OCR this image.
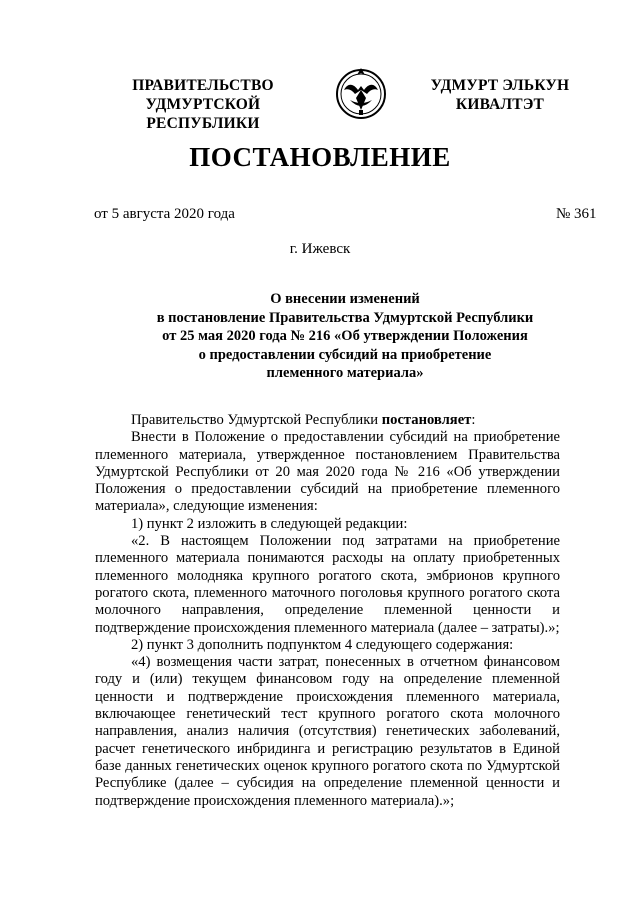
ПРАВИТЕЛЬСТВО
УДМУРТСКОЙ РЕСПУБЛИКИ
УДМУРТ ЭЛЬКУН
КИВАЛТЭТ
ПОСТАНОВЛЕНИЕ
от 5 августа 2020 года	№ 361
г. Ижевск
О внесении изменений
в постановление Правительства Удмуртской Республики
от 25 мая 2020 года № 216 «Об утверждении Положения
о предоставлении субсидий на приобретение
племенного материала»

Правительство Удмуртской Республики постановляет:

Внести в Положение о предоставлении субсидий на приобретение племенного материала, утвержденное постановлением Правительства Удмуртской Республики от 20 мая 2020 года № 216 «Об утверждении Положения о предоставлении субсидий на приобретение племенного материала», следующие изменения:

1) пункт 2 изложить в следующей редакции:

«2. В настоящем Положении под затратами на приобретение племенного материала понимаются расходы на оплату приобретенных племенного молодняка крупного рогатого скота, эмбрионов крупного рогатого скота, племенного маточного поголовья крупного рогатого скота молочного направления, определение племенной ценности и подтверждение происхождения племенного материала (далее – затраты).»;

2) пункт 3 дополнить подпунктом 4 следующего содержания:

«4) возмещения части затрат, понесенных в отчетном финансовом году и (или) текущем финансовом году на определение племенной ценности и подтверждение происхождения племенного материала, включающее генетический тест крупного рогатого скота молочного направления, анализ наличия (отсутствия) генетических заболеваний, расчет генетического инбридинга и регистрацию результатов в Единой базе данных генетических оценок крупного рогатого скота по Удмуртской Республике (далее – субсидия на определение племенной ценности и подтверждение происхождения племенного материала).»;
